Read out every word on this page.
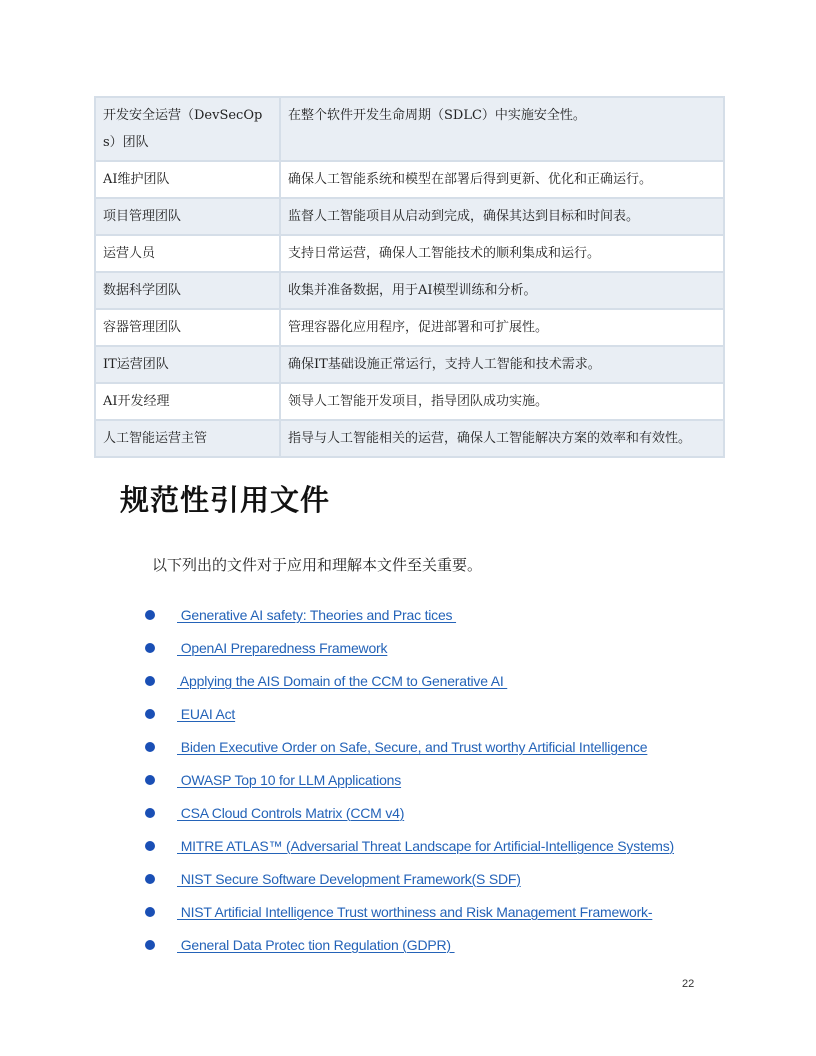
开发安全运营（DevSecOps）团队	在整个软件开发生命周期（SDLC）中实施安全性。
AI维护团队	确保人工智能系统和模型在部署后得到更新、优化和正确运行。
项目管理团队	监督人工智能项目从启动到完成，确保其达到目标和时间表。
运营人员	支持日常运营，确保人工智能技术的顺利集成和运行。
数据科学团队	收集并准备数据，用于AI模型训练和分析。
容器管理团队	管理容器化应用程序，促进部署和可扩展性。
IT运营团队	确保IT基础设施正常运行，支持人工智能和技术需求。
AI开发经理	领导人工智能开发项目，指导团队成功实施。
人工智能运营主管	指导与人工智能相关的运营，确保人工智能解决方案的效率和有效性。
规范性引用文件

以下列出的文件对于应用和理解本文件至关重要。

Generative AI safety: Theories and Prac tices
OpenAI Preparedness Framework
Applying the AIS Domain of the CCM to Generative AI
EUAI Act
Biden Executive Order on Safe, Secure, and Trust worthy Artificial Intelligence
OWASP Top 10 for LLM Applications
CSA Cloud Controls Matrix (CCM v4)
MITRE ATLAS™ (Adversarial Threat Landscape for Artificial-Intelligence Systems)
NIST Secure Software Development Framework(S SDF)
NIST Artificial Intelligence Trust worthiness and Risk Management Framework-
General Data Protec tion Regulation (GDPR)
22
